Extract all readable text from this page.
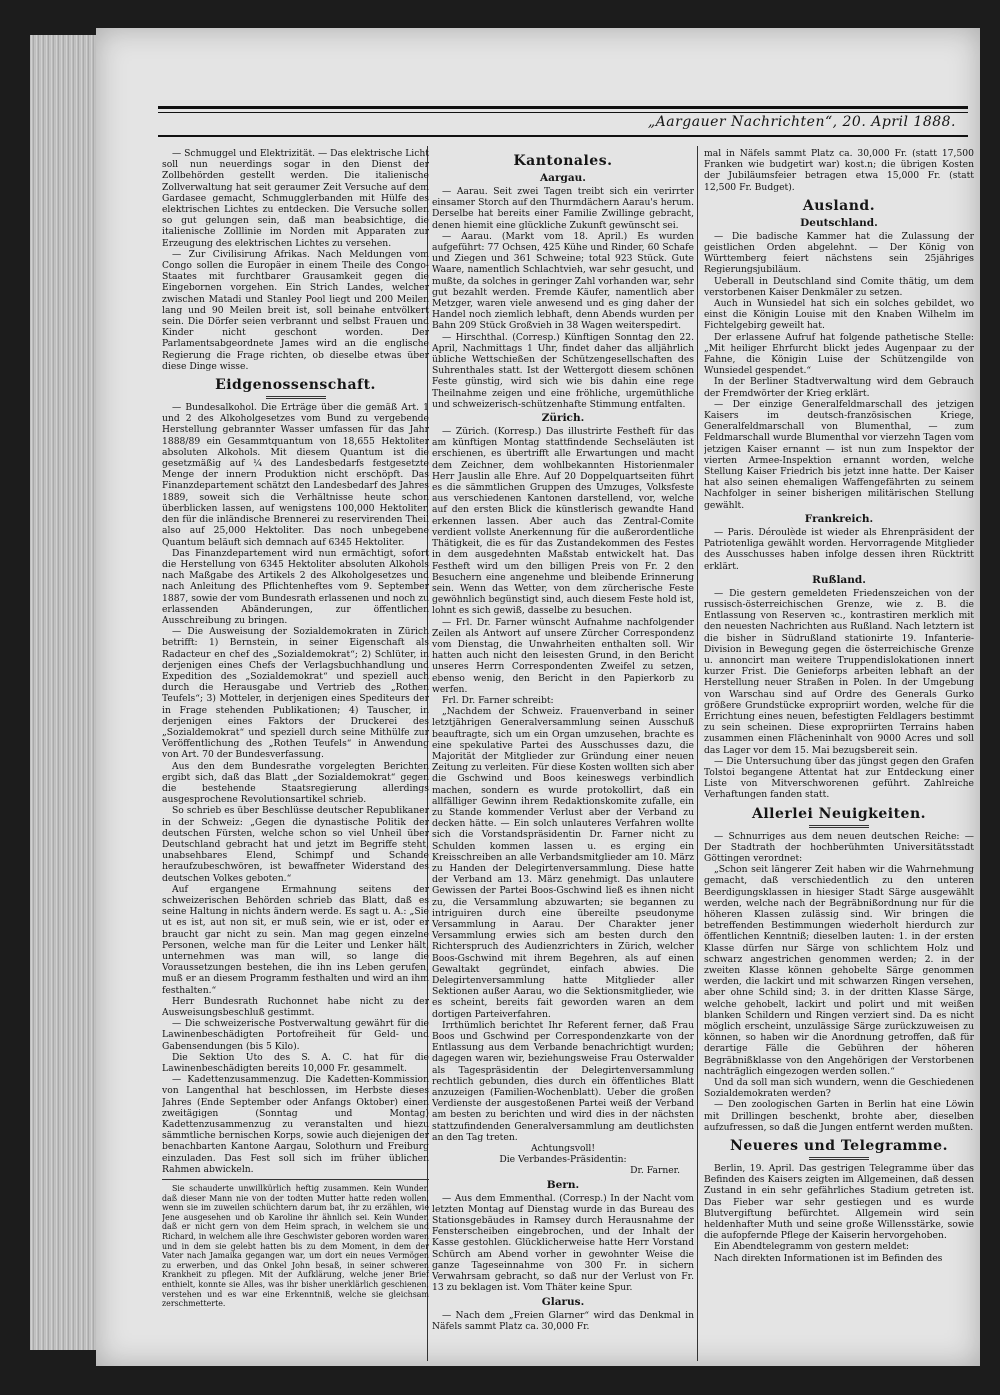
„Aargauer Nachrichten“, 20. April 1888.

— Schmuggel und Elektrizität. — Das elektrische Licht soll nun neuerdings sogar in den Dienst der Zollbehörden gestellt werden. Die italienische Zollverwaltung hat seit geraumer Zeit Versuche auf dem Gardasee gemacht, Schmugglerbanden mit Hülfe des elektrischen Lichtes zu entdecken. Die Versuche sollen so gut gelungen sein, daß man beabsichtige, die italienische Zolllinie im Norden mit Apparaten zur Erzeugung des elektrischen Lichtes zu versehen.

— Zur Civilisirung Afrikas. Nach Meldungen vom Congo sollen die Europäer in einem Theile des Congo-Staates mit furchtbarer Grausamkeit gegen die Eingebornen vorgehen. Ein Strich Landes, welcher zwischen Matadi und Stanley Pool liegt und 200 Meilen lang und 90 Meilen breit ist, soll beinahe entvölkert sein. Die Dörfer seien verbrannt und selbst Frauen und Kinder nicht geschont worden. Der Parlamentsabgeordnete James wird an die englische Regierung die Frage richten, ob dieselbe etwas über diese Dinge wisse.

Eidgenossenschaft.

— Bundesalkohol. Die Erträge über die gemäß Art. 1 und 2 des Alkoholgesetzes vom Bund zu vergebende Herstellung gebrannter Wasser umfassen für das Jahr 1888/89 ein Gesammtquantum von 18,655 Hektoliter absoluten Alkohols. Mit diesem Quantum ist die gesetzmäßig auf ¼ des Landesbedarfs festgesetzte Menge der innern Produktion nicht erschöpft. Das Finanzdepartement schätzt den Landesbedarf des Jahres 1889, soweit sich die Verhältnisse heute schon überblicken lassen, auf wenigstens 100,000 Hektoliter, den für die inländische Brennerei zu reservirenden Theil also auf 25,000 Hektoliter. Das noch unbegebene Quantum beläuft sich demnach auf 6345 Hektoliter.

Das Finanzdepartement wird nun ermächtigt, sofort die Herstellung von 6345 Hektoliter absoluten Alkohols nach Maßgabe des Artikels 2 des Alkoholgesetzes und nach Anleitung des Pflichtenheftes vom 9. September 1887, sowie der vom Bundesrath erlassenen und noch zu erlassenden Abänderungen, zur öffentlichen Ausschreibung zu bringen.

— Die Ausweisung der Sozialdemokraten in Zürich betrifft: 1) Bernstein, in seiner Eigenschaft als Radacteur en chef des „Sozialdemokrat“; 2) Schlüter, in derjenigen eines Chefs der Verlagsbuchhandlung und Expedition des „Sozialdemokrat“ und speziell auch durch die Herausgabe und Vertrieb des „Rothen Teufels“; 3) Motteler, in derjenigen eines Spediteurs der in Frage stehenden Publikationen; 4) Tauscher, in derjenigen eines Faktors der Druckerei des „Sozialdemokrat“ und speziell durch seine Mithülfe zur Veröffentlichung des „Rothen Teufels“ in Anwendung von Art. 70 der Bundesverfassung.

Aus den dem Bundesrathe vorgelegten Berichten ergibt sich, daß das Blatt „der Sozialdemokrat“ gegen die bestehende Staatsregierung allerdings ausgesprochene Revolutionsartikel schrieb.

So schrieb es über Beschlüsse deutscher Republikaner in der Schweiz: „Gegen die dynastische Politik der deutschen Fürsten, welche schon so viel Unheil über Deutschland gebracht hat und jetzt im Begriffe steht, unabsehbares Elend, Schimpf und Schande heraufzubeschwören, ist bewaffneter Widerstand des deutschen Volkes geboten.“

Auf ergangene Ermahnung seitens der schweizerischen Behörden schrieb das Blatt, daß es seine Haltung in nichts ändern werde. Es sagt u. A.: „Sie ut es ist, aut non sit, er muß sein, wie er ist, oder er braucht gar nicht zu sein. Man mag gegen einzelne Personen, welche man für die Leiter und Lenker hält, unternehmen was man will, so lange die Voraussetzungen bestehen, die ihn ins Leben gerufen, muß er an diesem Programm festhalten und wird an ihm festhalten.“

Herr Bundesrath Ruchonnet habe nicht zu der Ausweisungsbeschluß gestimmt.

— Die schweizerische Postverwaltung gewährt für die Lawinenbeschädigten Portofreiheit für Geld- und Gabensendungen (bis 5 Kilo).

Die Sektion Uto des S. A. C. hat für die Lawinenbeschädigten bereits 10,000 Fr. gesammelt.

— Kadettenzusammenzug. Die Kadetten-Kommission von Langenthal hat beschlossen, im Herbste dieses Jahres (Ende September oder Anfangs Oktober) einen zweitägigen (Sonntag und Montag) Kadettenzusammenzug zu veranstalten und hiezu sämmtliche bernischen Korps, sowie auch diejenigen der benachbarten Kantone Aargau, Solothurn und Freiburg einzuladen. Das Fest soll sich im früher üblichen Rahmen abwickeln.

Sie schauderte unwillkürlich heftig zusammen. Kein Wunder, daß dieser Mann nie von der todten Mutter hatte reden wollen, wenn sie im zuweilen schüchtern darum bat, ihr zu erzählen, wie Jene ausgesehen und ob Karoline ihr ähnlich sei. Kein Wunder, daß er nicht gern von dem Heim sprach, in welchem sie und Richard, in welchem alle ihre Geschwister geboren worden waren und in dem sie gelebt hatten bis zu dem Moment, in dem der Vater nach Jamaika gegangen war, um dort ein neues Vermögen zu erwerben, und das Onkel John besaß, in seiner schweren Krankheit zu pflegen. Mit der Aufklärung, welche jener Brief enthielt, konnte sie Alles, was ihr bisher unerklärlich geschienen, verstehen und es war eine Erkenntniß, welche sie gleichsam zerschmetterte.

Kantonales.
Aargau.

— Aarau. Seit zwei Tagen treibt sich ein verirrter einsamer Storch auf den Thurmdächern Aarau's herum. Derselbe hat bereits einer Familie Zwillinge gebracht, denen hiemit eine glückliche Zukunft gewünscht sei.

— Aarau. (Markt vom 18. April.) Es wurden aufgeführt: 77 Ochsen, 425 Kühe und Rinder, 60 Schafe und Ziegen und 361 Schweine; total 923 Stück. Gute Waare, namentlich Schlachtvieh, war sehr gesucht, und mußte, da solches in geringer Zahl vorhanden war, sehr gut bezahlt werden. Fremde Käufer, namentlich aber Metzger, waren viele anwesend und es ging daher der Handel noch ziemlich lebhaft, denn Abends wurden per Bahn 209 Stück Großvieh in 38 Wagen weiterspedirt.

— Hirschthal. (Corresp.) Künftigen Sonntag den 22. April, Nachmittags 1 Uhr, findet daher das alljährlich übliche Wettschießen der Schützengesellschaften des Suhrenthales statt. Ist der Wettergott diesem schönen Feste günstig, wird sich wie bis dahin eine rege Theilnahme zeigen und eine fröhliche, urgemüthliche und schweizerisch-schützenhafte Stimmung entfalten.

Zürich.

— Zürich. (Korresp.) Das illustrirte Festheft für das am künftigen Montag stattfindende Sechseläuten ist erschienen, es übertrifft alle Erwartungen und macht dem Zeichner, dem wohlbekannten Historienmaler Herr Jauslin alle Ehre. Auf 20 Doppelquartseiten führt es die sämmtlichen Gruppen des Umzuges, Volksfeste aus verschiedenen Kantonen darstellend, vor, welche auf den ersten Blick die künstlerisch gewandte Hand erkennen lassen. Aber auch das Zentral-Comite verdient vollste Anerkennung für die außerordentliche Thätigkeit, die es für das Zustandekommen des Festes in dem ausgedehnten Maßstab entwickelt hat. Das Festheft wird um den billigen Preis von Fr. 2 den Besuchern eine angenehme und bleibende Erinnerung sein. Wenn das Wetter, von dem zürcherische Feste gewöhnlich begünstigt sind, auch diesem Feste hold ist, lohnt es sich gewiß, dasselbe zu besuchen.

— Frl. Dr. Farner wünscht Aufnahme nachfolgender Zeilen als Antwort auf unsere Zürcher Correspondenz vom Dienstag, die Unwahrheiten enthalten soll. Wir hatten auch nicht den leisesten Grund, in den Bericht unseres Herrn Correspondenten Zweifel zu setzen, ebenso wenig, den Bericht in den Papierkorb zu werfen.

Frl. Dr. Farner schreibt:

„Nachdem der Schweiz. Frauenverband in seiner letztjährigen Generalversammlung seinen Ausschuß beauftragte, sich um ein Organ umzusehen, brachte es eine spekulative Partei des Ausschusses dazu, die Majorität der Mitglieder zur Gründung einer neuen Zeitung zu verleiten. Für diese Kosten wollten sich aber die Gschwind und Boos keineswegs verbindlich machen, sondern es wurde protokollirt, daß ein allfälliger Gewinn ihrem Redaktionskomite zufalle, ein zu Stande kommender Verlust aber der Verband zu decken hätte. — Ein solch unlauteres Verfahren wollte sich die Vorstandspräsidentin Dr. Farner nicht zu Schulden kommen lassen u. es erging ein Kreisschreiben an alle Verbandsmitglieder am 10. März zu Handen der Delegirtenversammlung. Diese hatte der Verband am 13. März genehmigt. Das unlautere Gewissen der Partei Boos-Gschwind ließ es ihnen nicht zu, die Versammlung abzuwarten; sie begannen zu intriguiren durch eine übereilte pseudonyme Versammlung in Aarau. Der Charakter jener Versammlung erwies sich am besten durch den Richterspruch des Audienzrichters in Zürich, welcher Boos-Gschwind mit ihrem Begehren, als auf einen Gewaltakt gegründet, einfach abwies. Die Delegirtenversammlung hatte Mitglieder aller Sektionen außer Aarau, wo die Sektionsmitglieder, wie es scheint, bereits fait geworden waren an dem dortigen Parteiverfahren.

Irrthümlich berichtet Ihr Referent ferner, daß Frau Boos und Gschwind per Correspondenzkarte von der Entlassung aus dem Verbande benachrichtigt wurden; dagegen waren wir, beziehungsweise Frau Osterwalder als Tagespräsidentin der Delegirtenversammlung rechtlich gebunden, dies durch ein öffentliches Blatt anzuzeigen (Familien-Wochenblatt). Ueber die großen Verdienste der ausgestoßenen Partei weiß der Verband am besten zu berichten und wird dies in der nächsten stattzufindenden Generalversammlung am deutlichsten an den Tag treten.

Achtungsvoll!

Die Verbandes-Präsidentin:

Dr. Farner.

Bern.

— Aus dem Emmenthal. (Corresp.) In der Nacht vom letzten Montag auf Dienstag wurde in das Bureau des Stationsgebäudes in Ramsey durch Herausnahme der Fensterscheiben eingebrochen, und der Inhalt der Kasse gestohlen. Glücklicherweise hatte Herr Vorstand Schürch am Abend vorher in gewohnter Weise die ganze Tageseinnahme von 300 Fr. in sichern Verwahrsam gebracht, so daß nur der Verlust von Fr. 13 zu beklagen ist. Vom Thäter keine Spur.

Glarus.

— Nach dem „Freien Glarner“ wird das Denkmal in Näfels sammt Platz ca. 30,000 Fr.

mal in Näfels sammt Platz ca. 30,000 Fr. (statt 17,500 Franken wie budgetirt war) kost.n; die übrigen Kosten der Jubiläumsfeier betragen etwa 15,000 Fr. (statt 12,500 Fr. Budget).

Ausland.
Deutschland.

— Die badische Kammer hat die Zulassung der geistlichen Orden abgelehnt. — Der König von Württemberg feiert nächstens sein 25jähriges Regierungsjubiläum.

Ueberall in Deutschland sind Comite thätig, um dem verstorbenen Kaiser Denkmäler zu setzen.

Auch in Wunsiedel hat sich ein solches gebildet, wo einst die Königin Louise mit den Knaben Wilhelm im Fichtelgebirg geweilt hat.

Der erlassene Aufruf hat folgende pathetische Stelle: „Mit heiliger Ehrfurcht blickt jedes Augenpaar zu der Fahne, die Königin Luise der Schützengilde von Wunsiedel gespendet.“

In der Berliner Stadtverwaltung wird dem Gebrauch der Fremdwörter der Krieg erklärt.

— Der einzige Generalfeldmarschall des jetzigen Kaisers im deutsch-französischen Kriege, Generalfeldmarschall von Blumenthal, — zum Feldmarschall wurde Blumenthal vor vierzehn Tagen vom jetzigen Kaiser ernannt — ist nun zum Inspektor der vierten Armee-Inspektion ernannt worden, welche Stellung Kaiser Friedrich bis jetzt inne hatte. Der Kaiser hat also seinen ehemaligen Waffengefährten zu seinem Nachfolger in seiner bisherigen militärischen Stellung gewählt.

Frankreich.

— Paris. Déroulède ist wieder als Ehrenpräsident der Patriotenliga gewählt worden. Hervorragende Mitglieder des Ausschusses haben infolge dessen ihren Rücktritt erklärt.

Rußland.

— Die gestern gemeldeten Friedenszeichen von der russisch-österreichischen Grenze, wie z. B. die Entlassung von Reserven ꝛc., kontrastiren merklich mit den neuesten Nachrichten aus Rußland. Nach letztern ist die bisher in Südrußland stationirte 19. Infanterie-Division in Bewegung gegen die österreichische Grenze u. annoncirt man weitere Truppendislokationen innert kurzer Frist. Die Genieforps arbeiten lebhaft an der Herstellung neuer Straßen in Polen. In der Umgebung von Warschau sind auf Ordre des Generals Gurko größere Grundstücke expropriirt worden, welche für die Errichtung eines neuen, befestigten Feldlagers bestimmt zu sein scheinen. Diese expropriirten Terrains haben zusammen einen Flächeninhalt von 9000 Acres und soll das Lager vor dem 15. Mai bezugsbereit sein.

— Die Untersuchung über das jüngst gegen den Grafen Tolstoi begangene Attentat hat zur Entdeckung einer Liste von Mitverschworenen geführt. Zahlreiche Verhaftungen fanden statt.

Allerlei Neuigkeiten.

— Schnurriges aus dem neuen deutschen Reiche: — Der Stadtrath der hochberühmten Universitätsstadt Göttingen verordnet:

„Schon seit längerer Zeit haben wir die Wahrnehmung gemacht, daß verschiedentlich zu den unteren Beerdigungsklassen in hiesiger Stadt Särge ausgewählt werden, welche nach der Begräbnißordnung nur für die höheren Klassen zulässig sind. Wir bringen die betreffenden Bestimmungen wiederholt hierdurch zur öffentlichen Kenntniß; dieselben lauten: 1. in der ersten Klasse dürfen nur Särge von schlichtem Holz und schwarz angestrichen genommen werden; 2. in der zweiten Klasse können gehobelte Särge genommen werden, die lackirt und mit schwarzen Ringen versehen, aber ohne Schild sind; 3. in der dritten Klasse Särge, welche gehobelt, lackirt und polirt und mit weißen blanken Schildern und Ringen verziert sind. Da es nicht möglich erscheint, unzulässige Särge zurückzuweisen zu können, so haben wir die Anordnung getroffen, daß für derartige Fälle die Gebühren der höheren Begräbnißklasse von den Angehörigen der Verstorbenen nachträglich eingezogen werden sollen.“

Und da soll man sich wundern, wenn die Geschiedenen Sozialdemokraten werden?

— Den zoologischen Garten in Berlin hat eine Löwin mit Drillingen beschenkt, brohte aber, dieselben aufzufressen, so daß die Jungen entfernt werden mußten.

Neueres und Telegramme.

Berlin, 19. April. Das gestrigen Telegramme über das Befinden des Kaisers zeigten im Allgemeinen, daß dessen Zustand in ein sehr gefährliches Stadium getreten ist. Das Fieber war sehr gestiegen und es wurde Blutvergiftung befürchtet. Allgemein wird sein heldenhafter Muth und seine große Willensstärke, sowie die aufopfernde Pflege der Kaiserin hervorgehoben.

Ein Abendtelegramm von gestern meldet:

Nach direkten Informationen ist im Befinden des
